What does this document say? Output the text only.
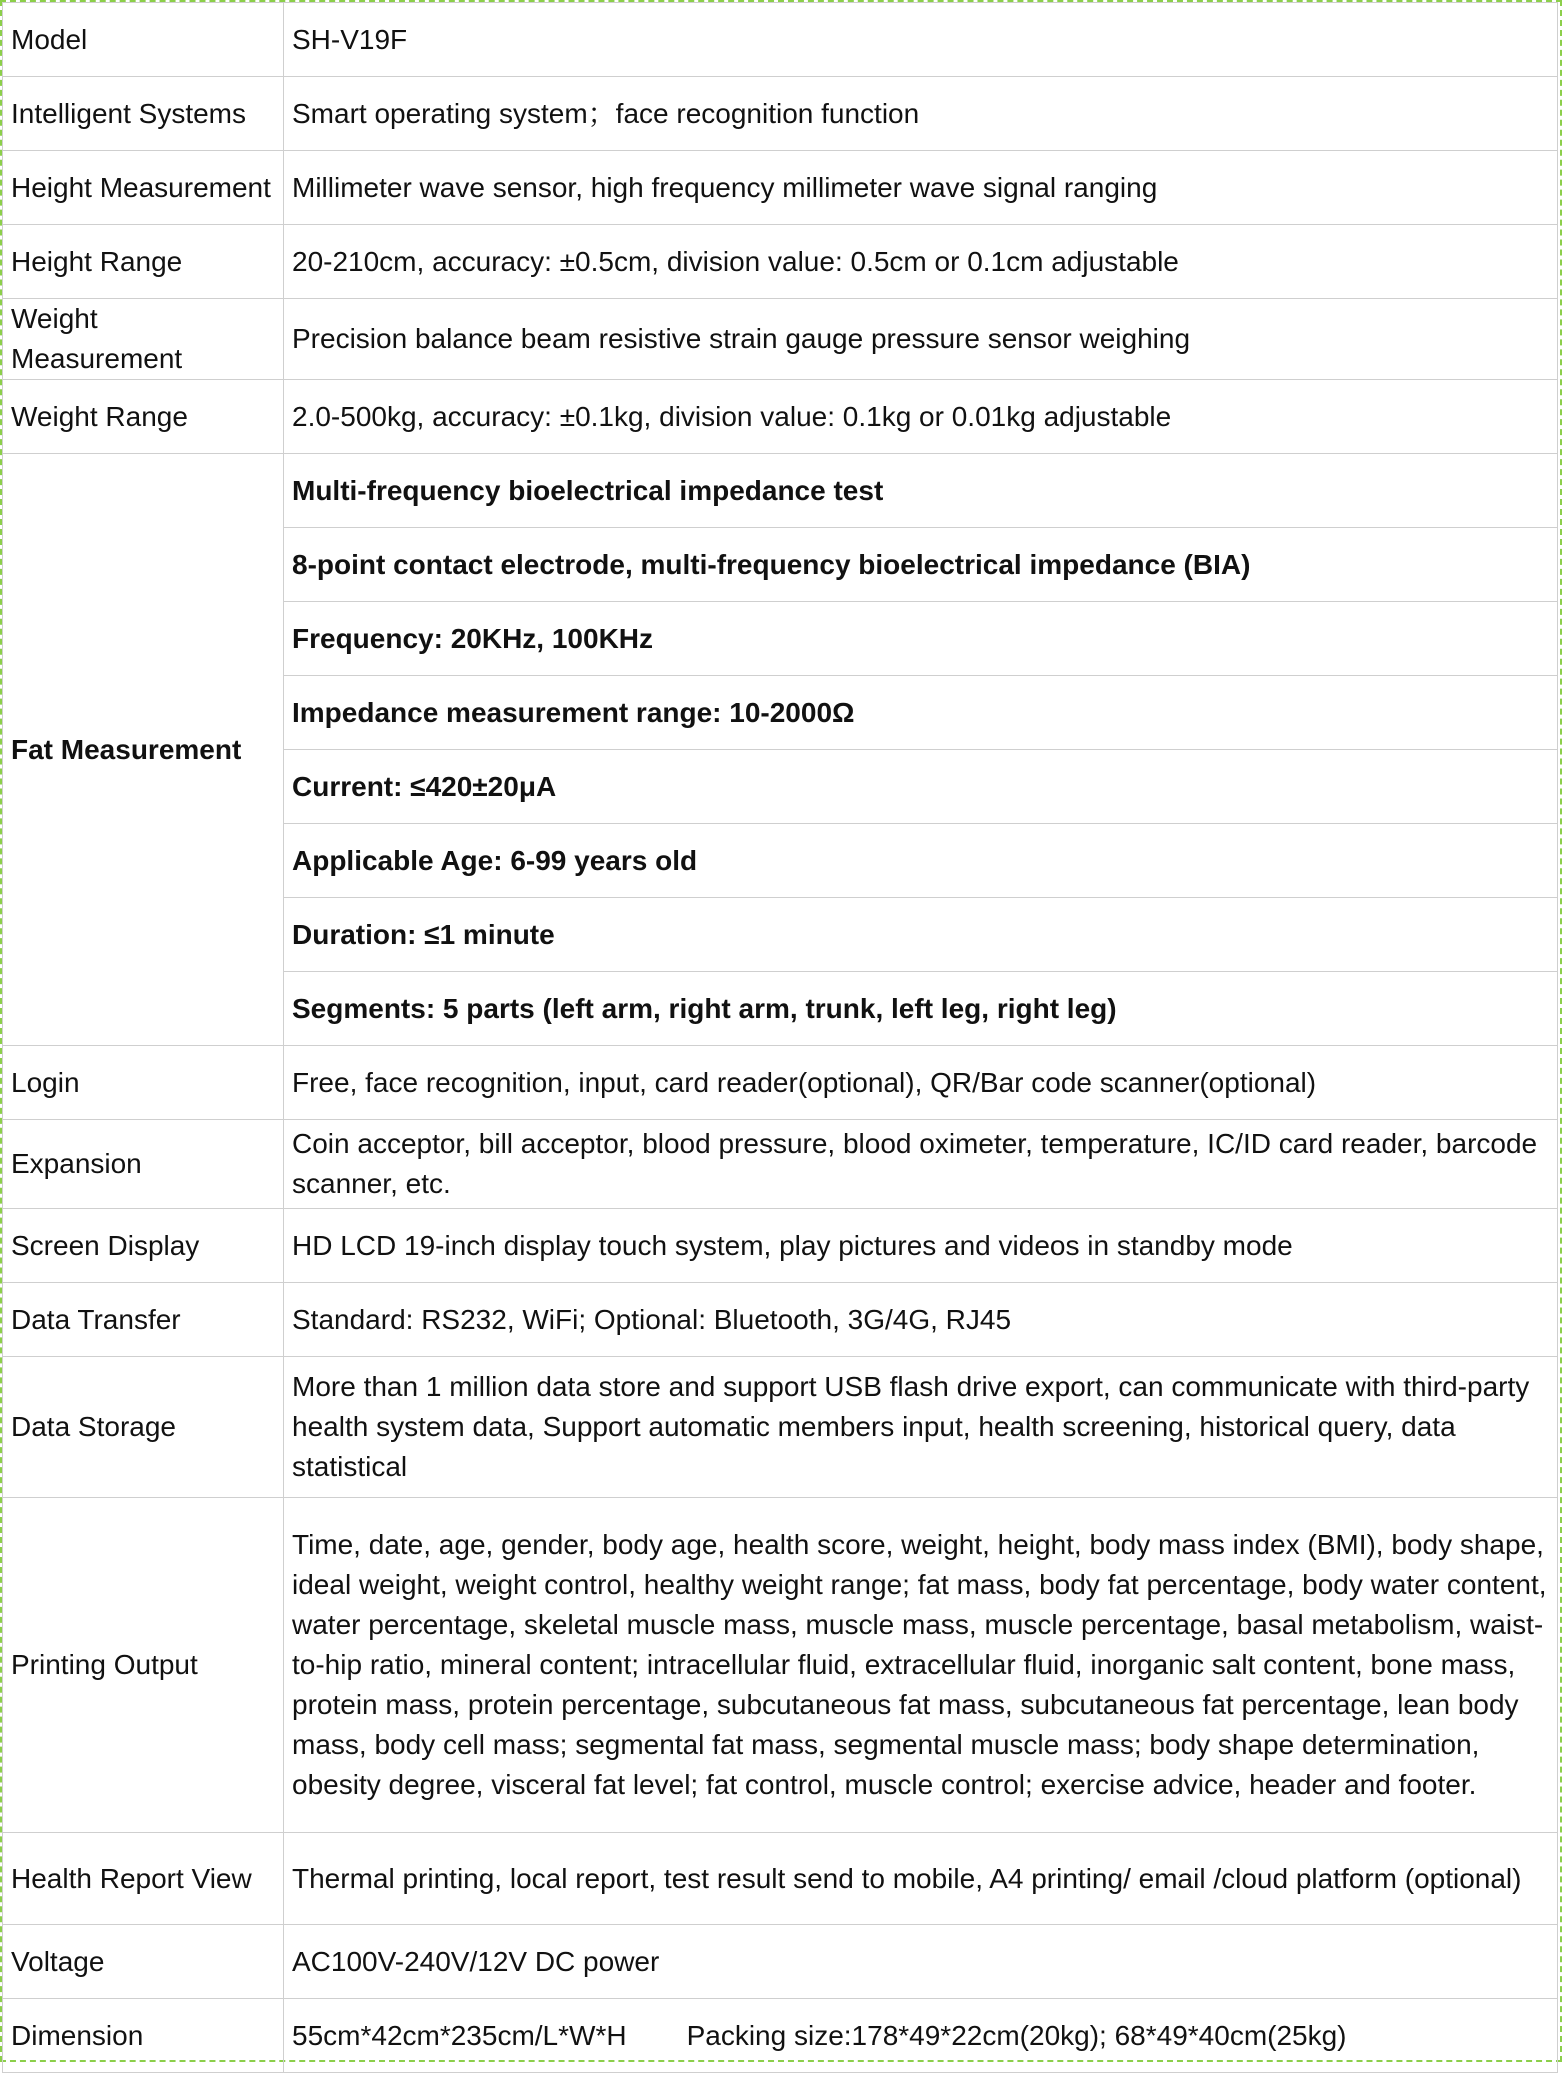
Model	SH-V19F
Intelligent Systems	Smart operating system；face recognition function
Height Measurement	Millimeter wave sensor, high frequency millimeter wave signal ranging
Height Range	20-210cm, accuracy: ±0.5cm, division value: 0.5cm or 0.1cm adjustable
Weight Measurement	Precision balance beam resistive strain gauge pressure sensor weighing
Weight Range	2.0-500kg, accuracy: ±0.1kg, division value: 0.1kg or 0.01kg adjustable
Fat Measurement	Multi-frequency bioelectrical impedance test
	8-point contact electrode, multi-frequency bioelectrical impedance (BIA)
	Frequency: 20KHz, 100KHz
	Impedance measurement range: 10-2000Ω
	Current: ≤420±20μA
	Applicable Age: 6-99 years old
	Duration: ≤1 minute
	Segments: 5 parts (left arm, right arm, trunk, left leg, right leg)
Login	Free, face recognition, input, card reader(optional), QR/Bar code scanner(optional)
Expansion	Coin acceptor, bill acceptor, blood pressure, blood oximeter, temperature, IC/ID card reader, barcode scanner, etc.
Screen Display	HD LCD 19-inch display touch system, play pictures and videos in standby mode
Data Transfer	Standard: RS232, WiFi; Optional: Bluetooth, 3G/4G, RJ45
Data Storage	More than 1 million data store and support USB flash drive export, can communicate with third-party health system data, Support automatic members input, health screening, historical query, data statistical
Printing Output	Time, date, age, gender, body age, health score, weight, height, body mass index (BMI), body shape, ideal weight, weight control, healthy weight range; fat mass, body fat percentage, body water content, water percentage, skeletal muscle mass, muscle mass, muscle percentage, basal metabolism, waist-to-hip ratio, mineral content; intracellular fluid, extracellular fluid, inorganic salt content, bone mass, protein mass, protein percentage, subcutaneous fat mass, subcutaneous fat percentage, lean body mass, body cell mass; segmental fat mass, segmental muscle mass; body shape determination, obesity degree, visceral fat level; fat control, muscle control; exercise advice, header and footer.
Health Report View	Thermal printing, local report, test result send to mobile, A4 printing/ email /cloud platform (optional)
Voltage	AC100V-240V/12V DC power
Dimension	55cm*42cm*235cm/L*W*H Packing size:178*49*22cm(20kg); 68*49*40cm(25kg)
